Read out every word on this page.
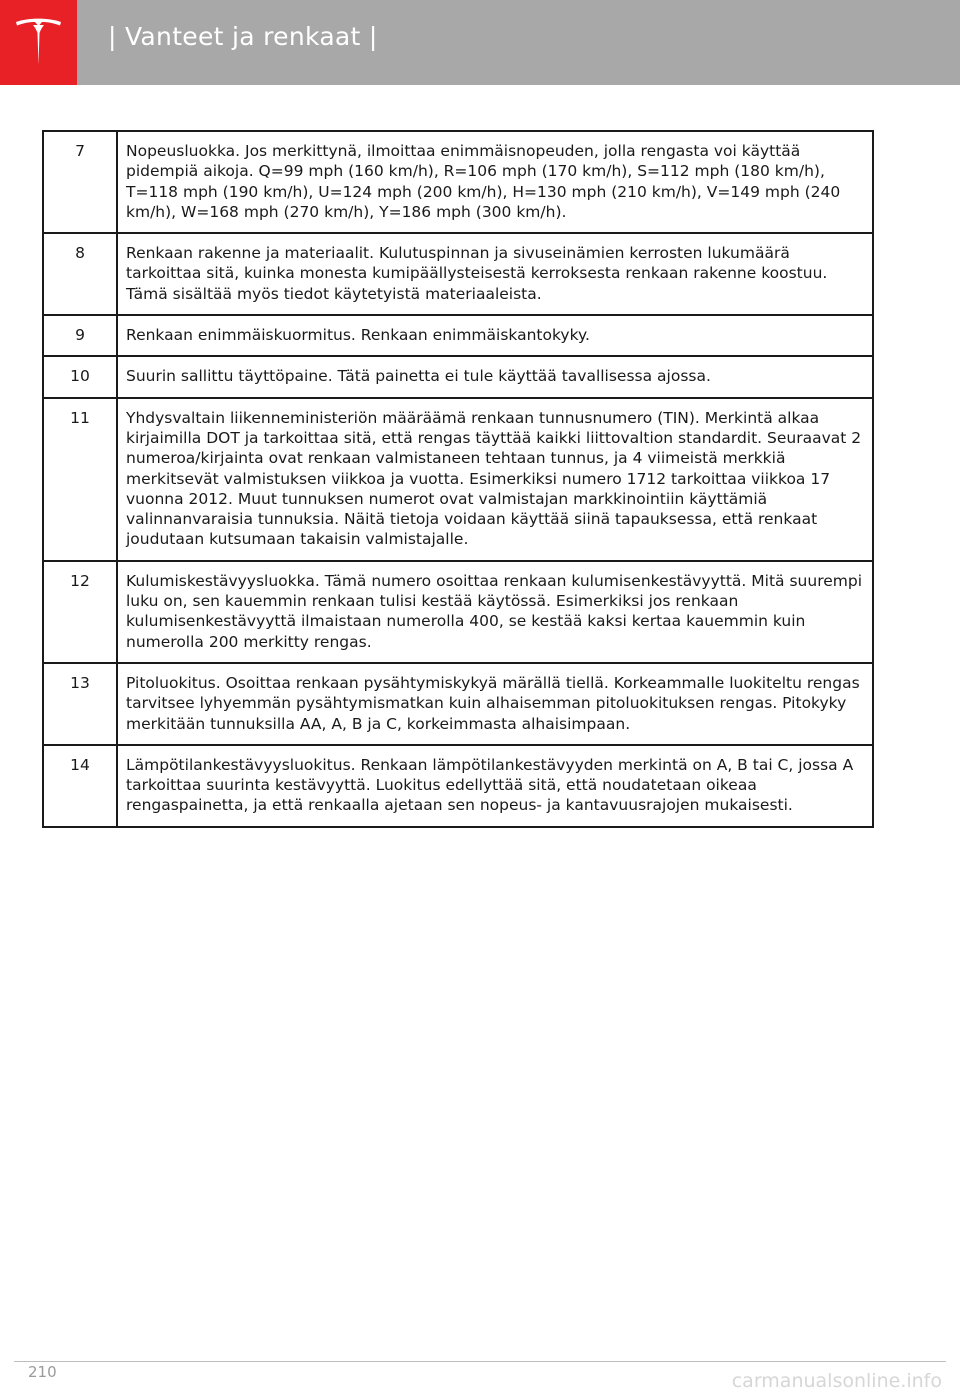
| Vanteet ja renkaat |
7	Nopeusluokka. Jos merkittynä, ilmoittaa enimmäisnopeuden, jolla rengasta voi käyttää pidempiä aikoja. Q=99 mph (160 km/h), R=106 mph (170 km/h), S=112 mph (180 km/h), T=118 mph (190 km/h), U=124 mph (200 km/h), H=130 mph (210 km/h), V=149 mph (240 km/h), W=168 mph (270 km/h), Y=186 mph (300 km/h).
8	Renkaan rakenne ja materiaalit. Kulutuspinnan ja sivuseinämien kerrosten lukumäärä tarkoittaa sitä, kuinka monesta kumipäällysteisestä kerroksesta renkaan rakenne koostuu. Tämä sisältää myös tiedot käytetyistä materiaaleista.
9	Renkaan enimmäiskuormitus. Renkaan enimmäiskantokyky.
10	Suurin sallittu täyttöpaine. Tätä painetta ei tule käyttää tavallisessa ajossa.
11	Yhdysvaltain liikenneministeriön määräämä renkaan tunnusnumero (TIN). Merkintä alkaa kirjaimilla DOT ja tarkoittaa sitä, että rengas täyttää kaikki liittovaltion standardit. Seuraavat 2 numeroa/kirjainta ovat renkaan valmistaneen tehtaan tunnus, ja 4 viimeistä merkkiä merkitsevät valmistuksen viikkoa ja vuotta. Esimerkiksi numero 1712 tarkoittaa viikkoa 17 vuonna 2012. Muut tunnuksen numerot ovat valmistajan markkinointiin käyttämiä valinnanvaraisia tunnuksia. Näitä tietoja voidaan käyttää siinä tapauksessa, että renkaat joudutaan kutsumaan takaisin valmistajalle.
12	Kulumiskestävyysluokka. Tämä numero osoittaa renkaan kulumisenkestävyyttä. Mitä suurempi luku on, sen kauemmin renkaan tulisi kestää käytössä. Esimerkiksi jos renkaan kulumisenkestävyyttä ilmaistaan numerolla 400, se kestää kaksi kertaa kauemmin kuin numerolla 200 merkitty rengas.
13	Pitoluokitus. Osoittaa renkaan pysähtymiskykyä märällä tiellä. Korkeammalle luokiteltu rengas tarvitsee lyhyemmän pysähtymismatkan kuin alhaisemman pitoluokituksen rengas. Pitokyky merkitään tunnuksilla AA, A, B ja C, korkeimmasta alhaisimpaan.
14	Lämpötilankestävyysluokitus. Renkaan lämpötilankestävyyden merkintä on A, B tai C, jossa A tarkoittaa suurinta kestävyyttä. Luokitus edellyttää sitä, että noudatetaan oikeaa rengaspainetta, ja että renkaalla ajetaan sen nopeus- ja kantavuusrajojen mukaisesti.
210	carmanualsonline.info
